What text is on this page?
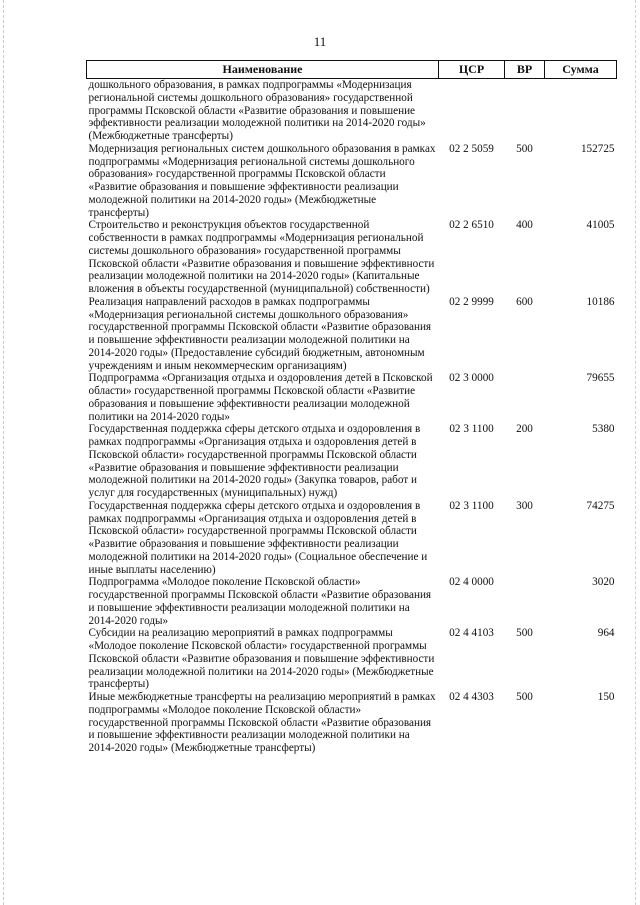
11
Наименование	ЦСР	ВР	Сумма
дошкольного образования, в рамках подпрограммы «Модернизация региональной системы дошкольного образования» государственной программы Псковской области «Развитие образования и повышение эффективности реализации молодежной политики на 2014-2020 годы» (Межбюджетные трансферты)			
Модернизация региональных систем дошкольного образования в рамках подпрограммы «Модернизация региональной системы дошкольного образования» государственной программы Псковской области «Развитие образования и повышение эффективности реализации молодежной политики на 2014-2020 годы» (Межбюджетные трансферты)	02 2 5059	500	152725
Строительство и реконструкция объектов государственной собственности в рамках подпрограммы «Модернизация региональной системы дошкольного образования» государственной программы Псковской области «Развитие образования и повышение эффективности реализации молодежной политики на 2014-2020 годы» (Капитальные вложения в объекты государственной (муниципальной) собственности)	02 2 6510	400	41005
Реализация направлений расходов в рамках подпрограммы «Модернизация региональной системы дошкольного образования» государственной программы Псковской области «Развитие образования и повышение эффективности реализации молодежной политики на 2014-2020 годы» (Предоставление субсидий бюджетным, автономным учреждениям и иным некоммерческим организациям)	02 2 9999	600	10186
Подпрограмма «Организация отдыха и оздоровления детей в Псковской области» государственной программы Псковской области «Развитие образования и повышение эффективности реализации молодежной политики на 2014-2020 годы»	02 3 0000		79655
Государственная поддержка сферы детского отдыха и оздоровления в рамках подпрограммы «Организация отдыха и оздоровления детей в Псковской области» государственной программы Псковской области «Развитие образования и повышение эффективности реализации молодежной политики на 2014-2020 годы» (Закупка товаров, работ и услуг для государственных (муниципальных) нужд)	02 3 1100	200	5380
Государственная поддержка сферы детского отдыха и оздоровления в рамках подпрограммы «Организация отдыха и оздоровления детей в Псковской области» государственной программы Псковской области «Развитие образования и повышение эффективности реализации молодежной политики на 2014-2020 годы» (Социальное обеспечение и иные выплаты населению)	02 3 1100	300	74275
Подпрограмма «Молодое поколение Псковской области» государственной программы Псковской области «Развитие образования и повышение эффективности реализации молодежной политики на 2014-2020 годы»	02 4 0000		3020
Субсидии на реализацию мероприятий в рамках подпрограммы «Молодое поколение Псковской области» государственной программы Псковской области «Развитие образования и повышение эффективности реализации молодежной политики на 2014-2020 годы» (Межбюджетные трансферты)	02 4 4103	500	964
Иные межбюджетные трансферты на реализацию мероприятий в рамках подпрограммы «Молодое поколение Псковской области» государственной программы Псковской области «Развитие образования и повышение эффективности реализации молодежной политики на 2014-2020 годы» (Межбюджетные трансферты)	02 4 4303	500	150
